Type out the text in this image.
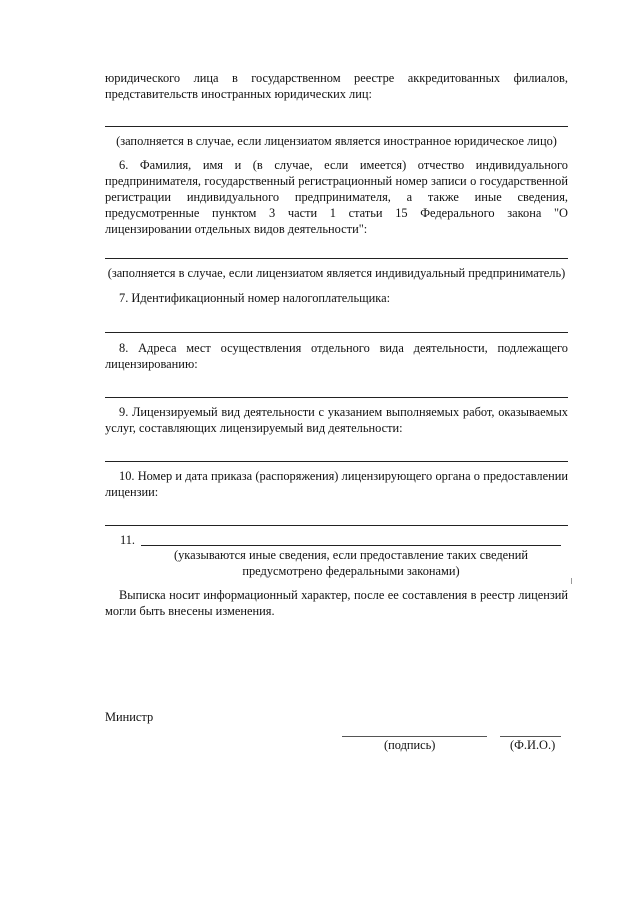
юридического лица в государственном реестре аккредитованных филиалов, представительств иностранных юридических лиц:

(заполняется в случае, если лицензиатом является иностранное юридическое лицо)

6. Фамилия, имя и (в случае, если имеется) отчество индивидуального предпринимателя, государственный регистрационный номер записи о государственной регистрации индивидуального предпринимателя, а также иные сведения, предусмотренные пунктом 3 части 1 статьи 15 Федерального закона "О лицензировании отдельных видов деятельности":

(заполняется в случае, если лицензиатом является индивидуальный предприниматель)

7. Идентификационный номер налогоплательщика:

8. Адреса мест осуществления отдельного вида деятельности, подлежащего лицензированию:

9. Лицензируемый вид деятельности с указанием выполняемых работ, оказываемых услуг, составляющих лицензируемый вид деятельности:

10. Номер и дата приказа (распоряжения) лицензирующего органа о предоставлении лицензии:

11.

(указываются иные сведения, если предоставление таких сведений

предусмотрено федеральными законами)

Выписка носит информационный характер, после ее составления в реестр лицензий могли быть внесены изменения.

Министр
(подпись)	(Ф.И.О.)
